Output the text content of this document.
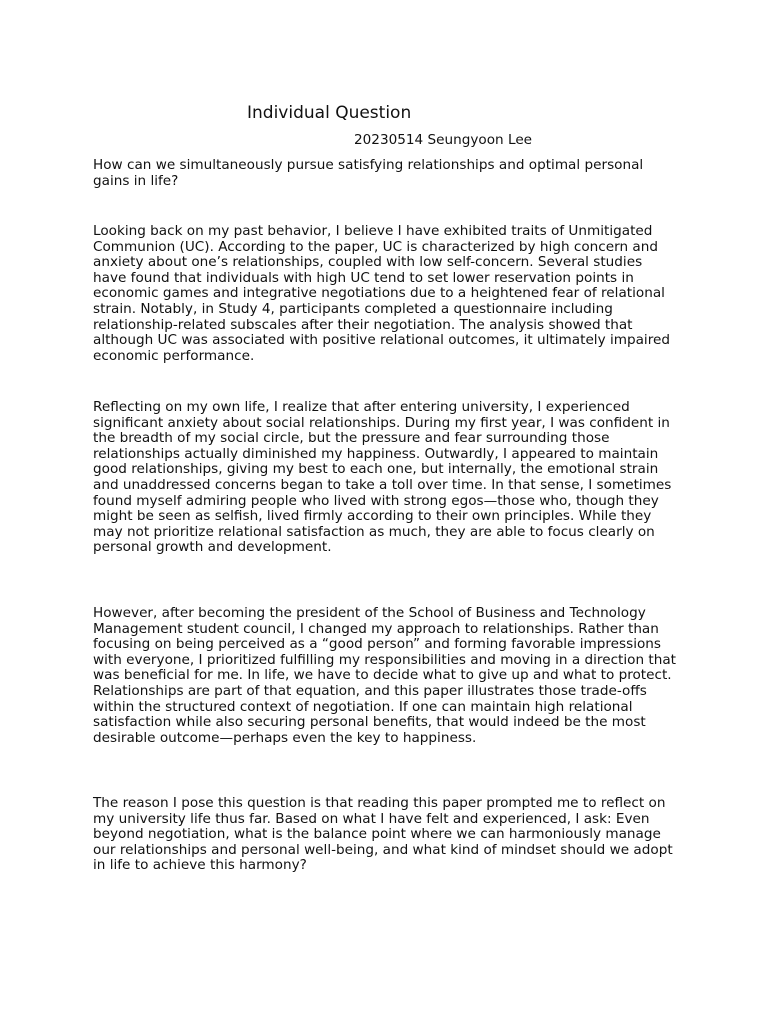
Individual Question
20230514 Seungyoon Lee

How can we simultaneously pursue satisfying relationships and optimal personal gains in life?

Looking back on my past behavior, I believe I have exhibited traits of Unmitigated Communion (UC). According to the paper, UC is characterized by high concern and anxiety about one’s relationships, coupled with low self-concern. Several studies have found that individuals with high UC tend to set lower reservation points in economic games and integrative negotiations due to a heightened fear of relational strain. Notably, in Study 4, participants completed a questionnaire including relationship-related subscales after their negotiation. The analysis showed that although UC was associated with positive relational outcomes, it ultimately impaired economic performance.

Reflecting on my own life, I realize that after entering university, I experienced significant anxiety about social relationships. During my first year, I was confident in the breadth of my social circle, but the pressure and fear surrounding those relationships actually diminished my happiness. Outwardly, I appeared to maintain good relationships, giving my best to each one, but internally, the emotional strain and unaddressed concerns began to take a toll over time. In that sense, I sometimes found myself admiring people who lived with strong egos—those who, though they might be seen as selfish, lived firmly according to their own principles. While they may not prioritize relational satisfaction as much, they are able to focus clearly on personal growth and development.

However, after becoming the president of the School of Business and Technology Management student council, I changed my approach to relationships. Rather than focusing on being perceived as a “good person” and forming favorable impressions with everyone, I prioritized fulfilling my responsibilities and moving in a direction that was beneficial for me. In life, we have to decide what to give up and what to protect. Relationships are part of that equation, and this paper illustrates those trade-offs within the structured context of negotiation. If one can maintain high relational satisfaction while also securing personal benefits, that would indeed be the most desirable outcome—perhaps even the key to happiness.

The reason I pose this question is that reading this paper prompted me to reflect on my university life thus far. Based on what I have felt and experienced, I ask: Even beyond negotiation, what is the balance point where we can harmoniously manage our relationships and personal well-being, and what kind of mindset should we adopt in life to achieve this harmony?
